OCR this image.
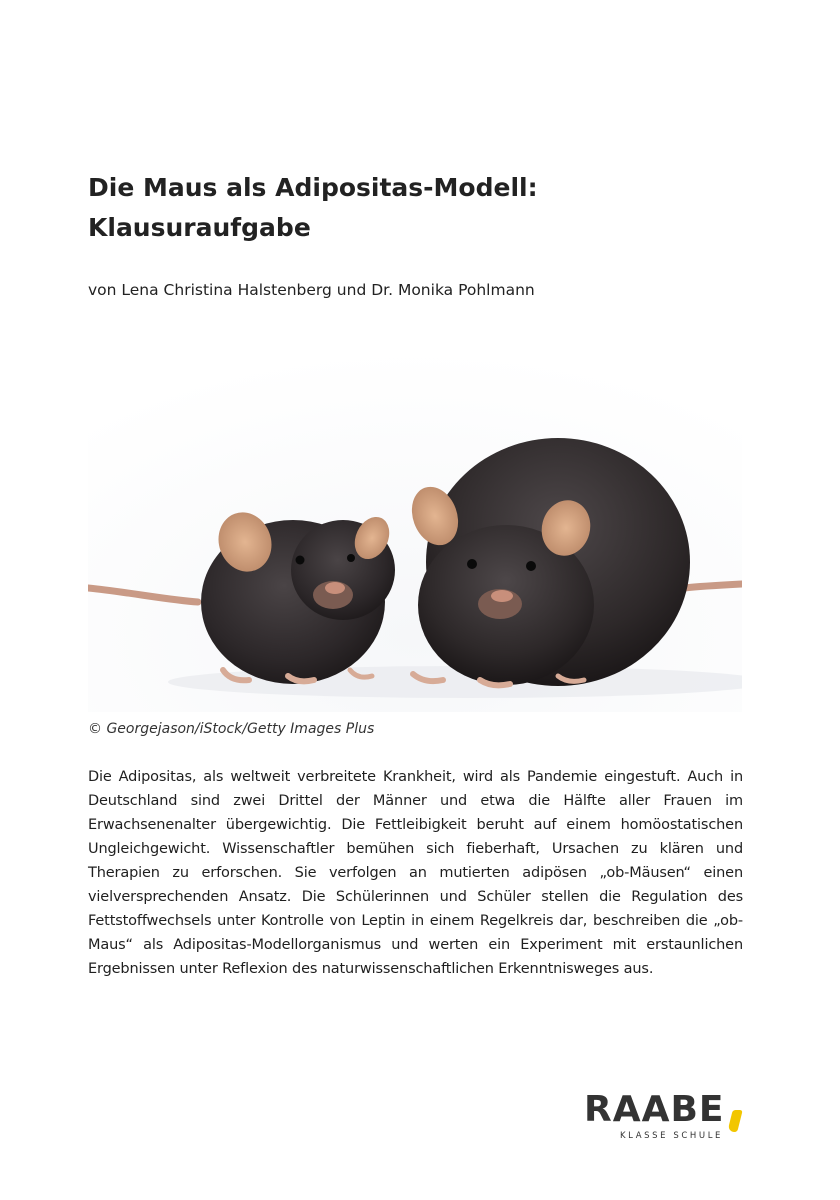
Die Maus als Adipositas-Modell:
Klausuraufgabe

von Lena Christina Halstenberg und Dr. Monika Pohlmann

© Georgejason/iStock/Getty Images Plus

Die Adipositas, als weltweit verbreitete Krankheit, wird als Pandemie eingestuft. Auch in Deutschland sind zwei Drittel der Männer und etwa die Hälfte aller Frauen im Erwachsenenalter übergewichtig. Die Fettleibigkeit beruht auf einem homöostatischen Ungleichgewicht. Wissenschaftler bemühen sich fieberhaft, Ursachen zu klären und Therapien zu erforschen. Sie verfolgen an mutierten adipösen „ob-Mäusen“ einen vielversprechenden Ansatz. Die Schülerinnen und Schüler stellen die Regulation des Fettstoffwechsels unter Kontrolle von Leptin in einem Regelkreis dar, beschreiben die „ob-Maus“ als Adipositas-Modellorganismus und werten ein Experiment mit erstaunlichen Ergebnissen unter Reflexion des naturwissenschaftlichen Erkenntnisweges aus.

RAABE
KLASSE SCHULE
